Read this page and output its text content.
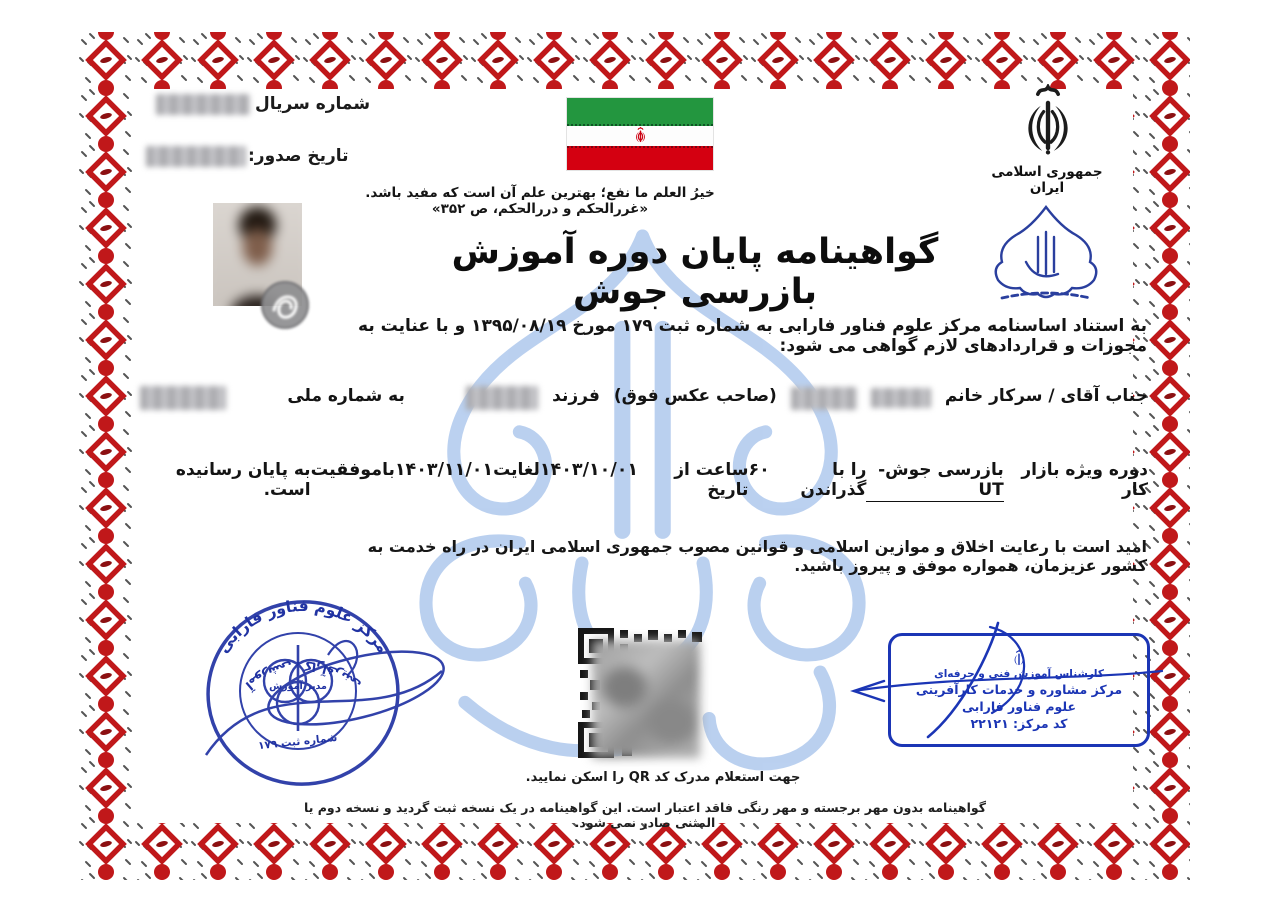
شماره سریال
تاریخ صدور:
خیرُ العلم ما نفع؛ بهترین علم آن است که مفید باشد. «غررالحکم و دررالحکم، ص ۳۵۲»
جمهوری اسلامی ایران
گواهینامه پایان دوره آموزش بازرسی جوش
به استناد اساسنامه مرکز علوم فناور فارابی به شماره ثبت ۱۷۹ مورخ ۱۳۹۵/۰۸/۱۹ و با عنایت به مجوزات و قراردادهای لازم گواهی می شود:
جناب آقای / سرکار خانم
(صاحب عکس فوق)
فرزند
به شماره ملی
دوره ویژه بازار کار
بازرسی جوش-UT
را با گذراندن
۶۰
ساعت از تاریخ
۱۴۰۳/۱۰/۰۱
لغایت
۱۴۰۳/۱۱/۰۱
با
موفقیت
به پایان رسانیده است.
امید است با رعایت اخلاق و موازین اسلامی و قوانین مصوب جمهوری اسلامی ایران در راه خدمت به کشور عزیزمان، همواره موفق و پیروز باشید.
مرکز علوم فناور فارابی
آموزشی ، کارآفرینی	مدیر آموزش
شماره ثبت ۱۷۹
جهت استعلام مدرک کد QR را اسکن نمایید.
کارشناس آموزش فنی و حرفه‌ای
مرکز مشاوره و خدمات کارآفرینی
علوم فناور فارابی
کد مرکز: ۲۲۱۲۱
گواهینامه بدون مهر برجسته و مهر رنگی فاقد اعتبار است. این گواهینامه در یک نسخه ثبت گردید و نسخه دوم یا المثنی صادر نمی شود.
